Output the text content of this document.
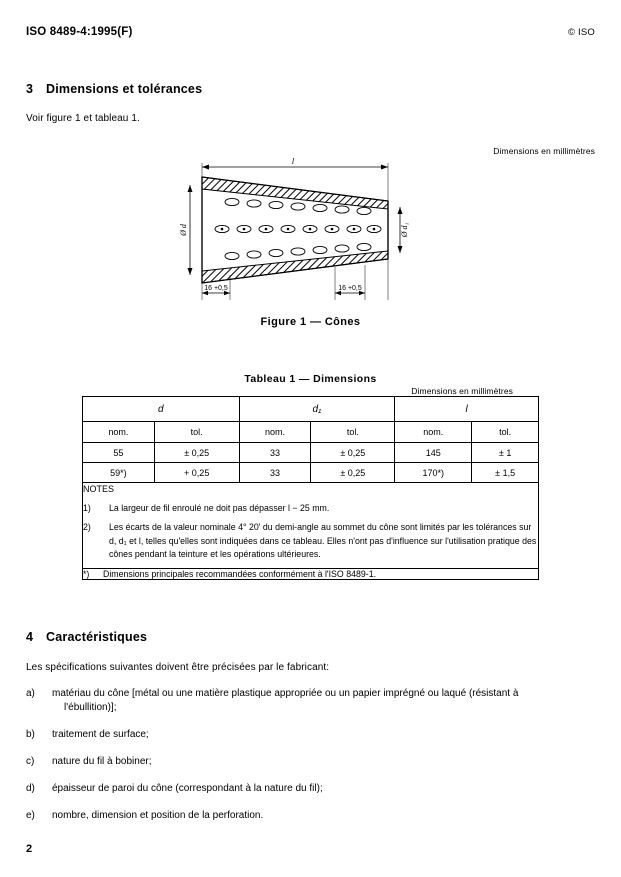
ISO 8489-4:1995(F)	© ISO
3 Dimensions et tolérances
Voir figure 1 et tableau 1.
Dimensions en millimètres
l
Ø d	Ø d₁
16 +0,5	16 +0,5
Figure 1 — Cônes
Tableau 1 — Dimensions
Dimensions en millimètres
d		d₁		l	
nom.	tol.	nom.	tol.	nom.	tol.
55	± 0,25	33	± 0,25	145	± 1
59*)	+ 0,25	33	± 0,25	170*)	± 1,5

NOTES
1) La largeur de fil enroulé ne doit pas dépasser l − 25 mm.
2) Les écarts de la valeur nominale 4° 20' du demi-angle au sommet du cône sont limités par les tolérances sur d, d₁ et l, telles qu'elles sont indiquées dans ce tableau. Elles n'ont pas d'influence sur l'utilisation pratique des cônes pendant la teinture et les opérations ultérieures.					

*) Dimensions principales recommandées conformément à l'ISO 8489-1.					
4 Caractéristiques
Les spécifications suivantes doivent être précisées par le fabricant:
a)	matériau du cône [métal ou une matière plastique appropriée ou un papier imprégné ou laqué (résistant à
l'ébullition)];
b)	traitement de surface;
c)	nature du fil à bobiner;
d)	épaisseur de paroi du cône (correspondant à la nature du fil);
e)	nombre, dimension et position de la perforation.
2
